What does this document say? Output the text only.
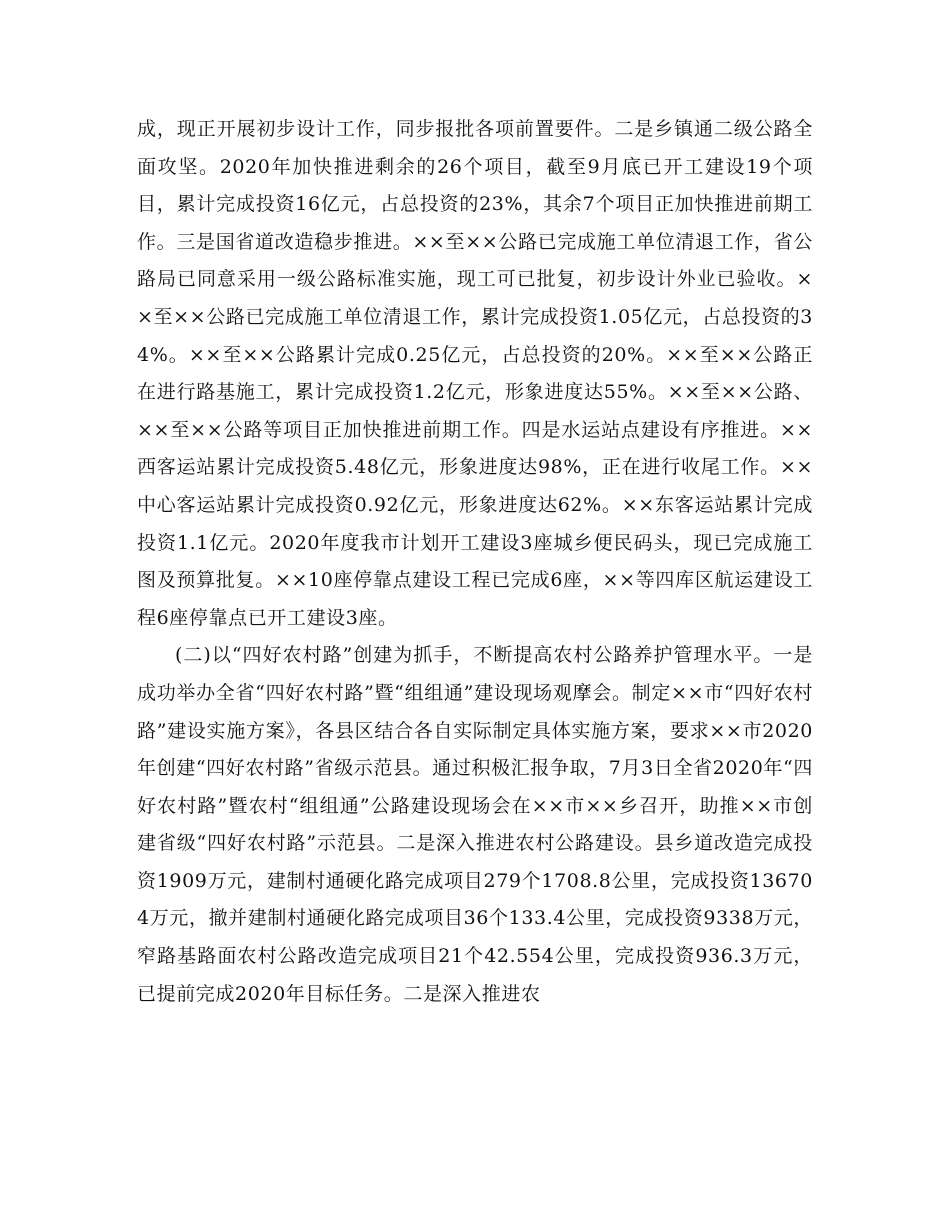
成，现正开展初步设计工作，同步报批各项前置要件。二是乡镇通二级公路全面攻坚。2020年加快推进剩余的26个项目，截至9月底已开工建设19个项目，累计完成投资16亿元，占总投资的23%，其余7个项目正加快推进前期工作。三是国省道改造稳步推进。××至××公路已完成施工单位清退工作，省公路局已同意采用一级公路标准实施，现工可已批复，初步设计外业已验收。××至××公路已完成施工单位清退工作，累计完成投资1.05亿元，占总投资的34%。××至××公路累计完成0.25亿元，占总投资的20%。××至××公路正在进行路基施工，累计完成投资1.2亿元，形象进度达55%。××至××公路、××至××公路等项目正加快推进前期工作。四是水运站点建设有序推进。××西客运站累计完成投资5.48亿元，形象进度达98%，正在进行收尾工作。××中心客运站累计完成投资0.92亿元，形象进度达62%。××东客运站累计完成投资1.1亿元。2020年度我市计划开工建设3座城乡便民码头，现已完成施工图及预算批复。××10座停靠点建设工程已完成6座，××等四库区航运建设工程6座停靠点已开工建设3座。

(二)以“四好农村路”创建为抓手，不断提高农村公路养护管理水平。一是成功举办全省“四好农村路”暨“组组通”建设现场观摩会。制定××市“四好农村路”建设实施方案》，各县区结合各自实际制定具体实施方案，要求××市2020年创建“四好农村路”省级示范县。通过积极汇报争取，7月3日全省2020年“四好农村路”暨农村“组组通”公路建设现场会在××市××乡召开，助推××市创建省级“四好农村路”示范县。二是深入推进农村公路建设。县乡道改造完成投资1909万元，建制村通硬化路完成项目279个1708.8公里，完成投资136704万元，撤并建制村通硬化路完成项目36个133.4公里，完成投资9338万元，窄路基路面农村公路改造完成项目21个42.554公里，完成投资936.3万元，已提前完成2020年目标任务。二是深入推进农
